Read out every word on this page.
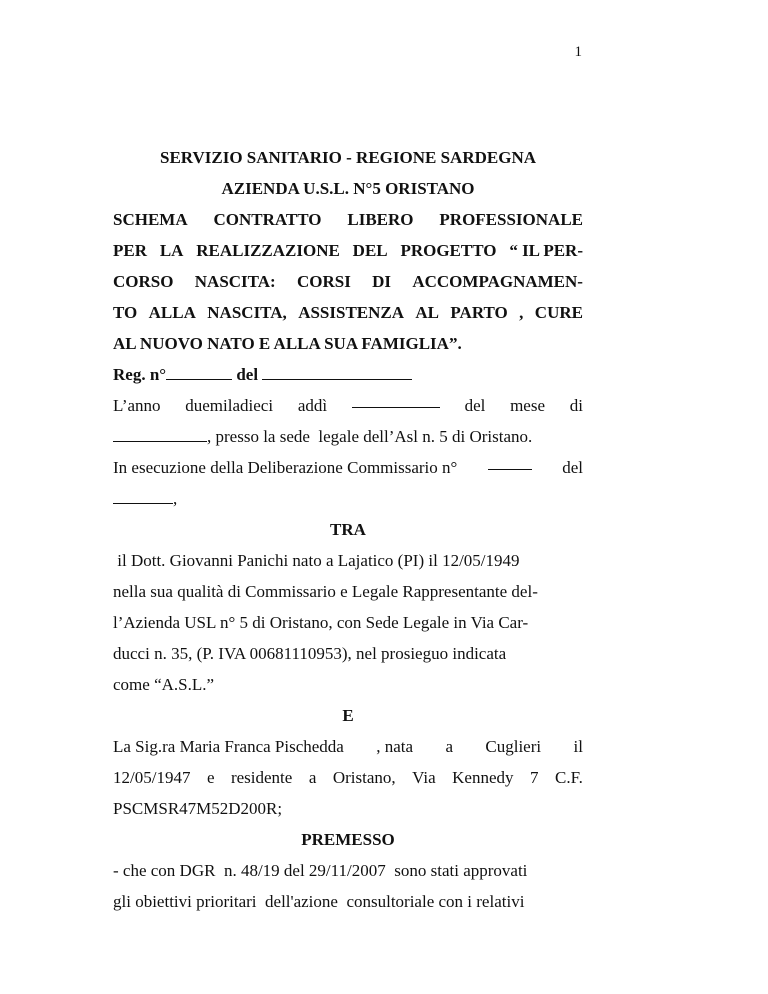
1
SERVIZIO SANITARIO - REGIONE SARDEGNA
AZIENDA U.S.L. N°5 ORISTANO
SCHEMA CONTRATTO LIBERO PROFESSIONALE
PER LA REALIZZAZIONE DEL PROGETTO “ IL PER-
CORSO NASCITA: CORSI DI ACCOMPAGNAMEN-
TO ALLA NASCITA, ASSISTENZA AL PARTO , CURE
AL NUOVO NATO E ALLA SUA FAMIGLIA”.
Reg. n°	del
L’anno duemiladieci addì	del mese di
, presso la sede  legale dell’Asl n. 5 di Oristano.
In esecuzione della Deliberazione Commissario n°	del
,
TRA
il Dott. Giovanni Panichi nato a Lajatico (PI) il 12/05/1949
nella sua qualità di Commissario e Legale Rappresentante del-
l’Azienda USL n° 5 di Oristano, con Sede Legale in Via Car-
ducci n. 35, (P. IVA 00681110953), nel prosieguo indicata
come “A.S.L.”
E
La Sig.ra Maria Franca Pischedda , nata a Cuglieri il
12/05/1947 e residente a Oristano, Via Kennedy 7 C.F.
PSCMSR47M52D200R;
PREMESSO
- che con DGR  n. 48/19 del 29/11/2007  sono stati approvati
gli obiettivi prioritari  dell'azione  consultoriale con i relativi
